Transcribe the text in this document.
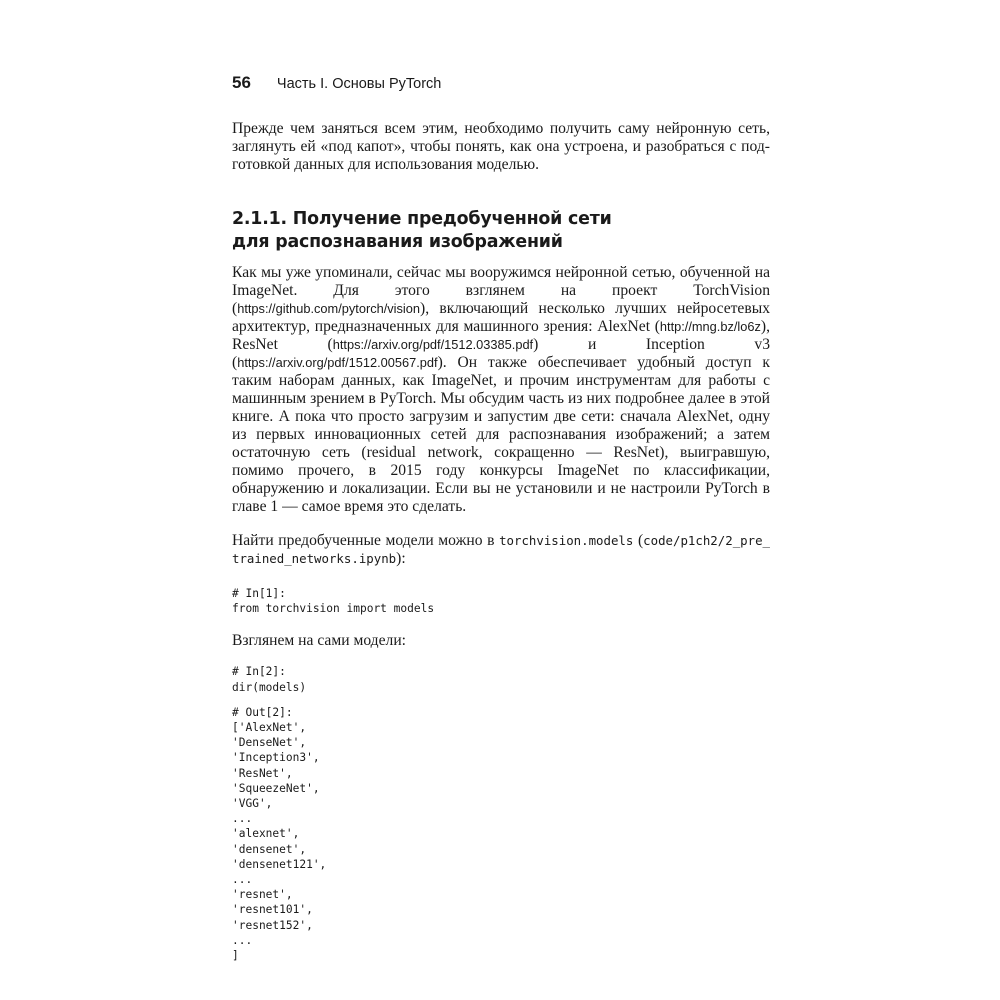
56 Часть I. Основы PyTorch

Прежде чем заняться всем этим, необходимо получить саму нейронную сеть, заглянуть ей «под капот», чтобы понять, как она устроена, и разобраться с подготовкой данных для использования моделью.

2.1.1. Получение предобученной сети
для распознавания изображений

Как мы уже упоминали, сейчас мы вооружимся нейронной сетью, обученной на ImageNet. Для этого взглянем на проект TorchVision (https://github.com/pytorch/vision), включающий несколько лучших нейросетевых архитектур, предназначенных для машинного зрения: AlexNet (http://mng.bz/lo6z), ResNet (https://arxiv.org/pdf/1512.03385.pdf) и Inception v3 (https://arxiv.org/pdf/1512.00567.pdf). Он также обеспечивает удобный доступ к таким наборам данных, как ImageNet, и прочим инструментам для работы с машинным зрением в PyTorch. Мы обсудим часть из них подробнее далее в этой книге. А пока что просто загрузим и запустим две сети: сначала AlexNet, одну из первых инновационных сетей для распознавания изображений; а затем остаточную сеть (residual network, сокращенно — ResNet), выигравшую, помимо прочего, в 2015 году конкурсы ImageNet по классификации, обнаружению и локализации. Если вы не установили и не настроили PyTorch в главе 1 — самое время это сделать.

Найти предобученные модели можно в torchvision.models (code/p1ch2/2_pre_​trained_networks.ipynb):

# In[1]:
from torchvision import models

Взглянем на сами модели:

# In[2]:
dir(models)
# Out[2]:
['AlexNet',
'DenseNet',
'Inception3',
'ResNet',
'SqueezeNet',
'VGG',
...
'alexnet',
'densenet',
'densenet121',
...
'resnet',
'resnet101',
'resnet152',
...
]
